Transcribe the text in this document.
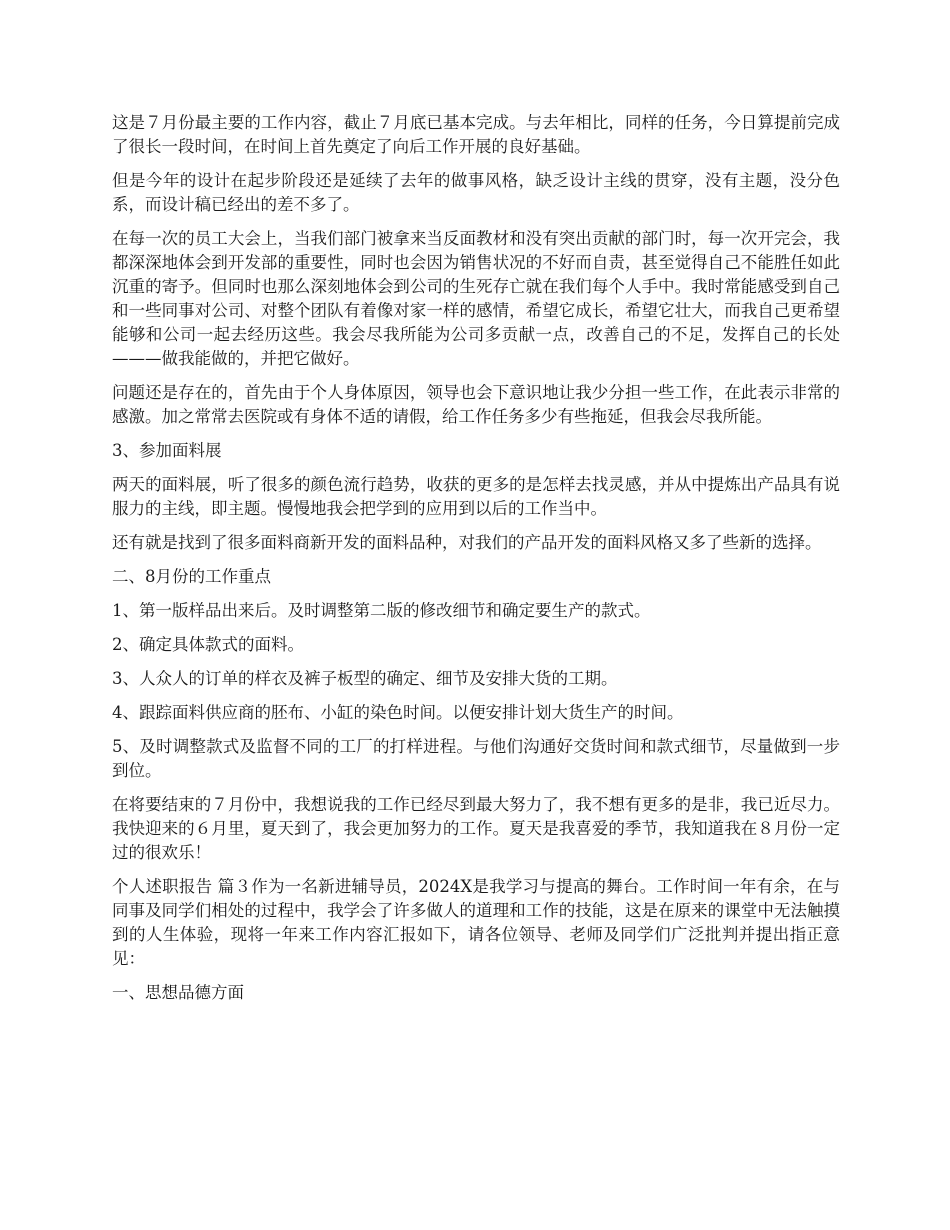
这是７月份最主要的工作内容，截止７月底已基本完成。与去年相比，同样的任务，今日算提前完成了很长一段时间，在时间上首先奠定了向后工作开展的良好基础。

但是今年的设计在起步阶段还是延续了去年的做事风格，缺乏设计主线的贯穿，没有主题，没分色系，而设计稿已经出的差不多了。

在每一次的员工大会上，当我们部门被拿来当反面教材和没有突出贡献的部门时，每一次开完会，我都深深地体会到开发部的重要性，同时也会因为销售状况的不好而自责，甚至觉得自己不能胜任如此沉重的寄予。但同时也那么深刻地体会到公司的生死存亡就在我们每个人手中。我时常能感受到自己和一些同事对公司、对整个团队有着像对家一样的感情，希望它成长，希望它壮大，而我自己更希望能够和公司一起去经历这些。我会尽我所能为公司多贡献一点，改善自己的不足，发挥自己的长处———做我能做的，并把它做好。

问题还是存在的，首先由于个人身体原因，领导也会下意识地让我少分担一些工作，在此表示非常的感激。加之常常去医院或有身体不适的请假，给工作任务多少有些拖延，但我会尽我所能。

3、参加面料展

两天的面料展，听了很多的颜色流行趋势，收获的更多的是怎样去找灵感，并从中提炼出产品具有说服力的主线，即主题。慢慢地我会把学到的应用到以后的工作当中。

还有就是找到了很多面料商新开发的面料品种，对我们的产品开发的面料风格又多了些新的选择。

二、8月份的工作重点

1、第一版样品出来后。及时调整第二版的修改细节和确定要生产的款式。

2、确定具体款式的面料。

3、人众人的订单的样衣及裤子板型的确定、细节及安排大货的工期。

4、跟踪面料供应商的胚布、小缸的染色时间。以便安排计划大货生产的时间。

5、及时调整款式及监督不同的工厂的打样进程。与他们沟通好交货时间和款式细节，尽量做到一步到位。

在将要结束的７月份中，我想说我的工作已经尽到最大努力了，我不想有更多的是非，我已近尽力。我快迎来的６月里，夏天到了，我会更加努力的工作。夏天是我喜爱的季节，我知道我在８月份一定过的很欢乐！

个人述职报告 篇３作为一名新进辅导员，2024X是我学习与提高的舞台。工作时间一年有余，在与同事及同学们相处的过程中，我学会了许多做人的道理和工作的技能，这是在原来的课堂中无法触摸到的人生体验，现将一年来工作内容汇报如下，请各位领导、老师及同学们广泛批判并提出指正意见：

一、思想品德方面
